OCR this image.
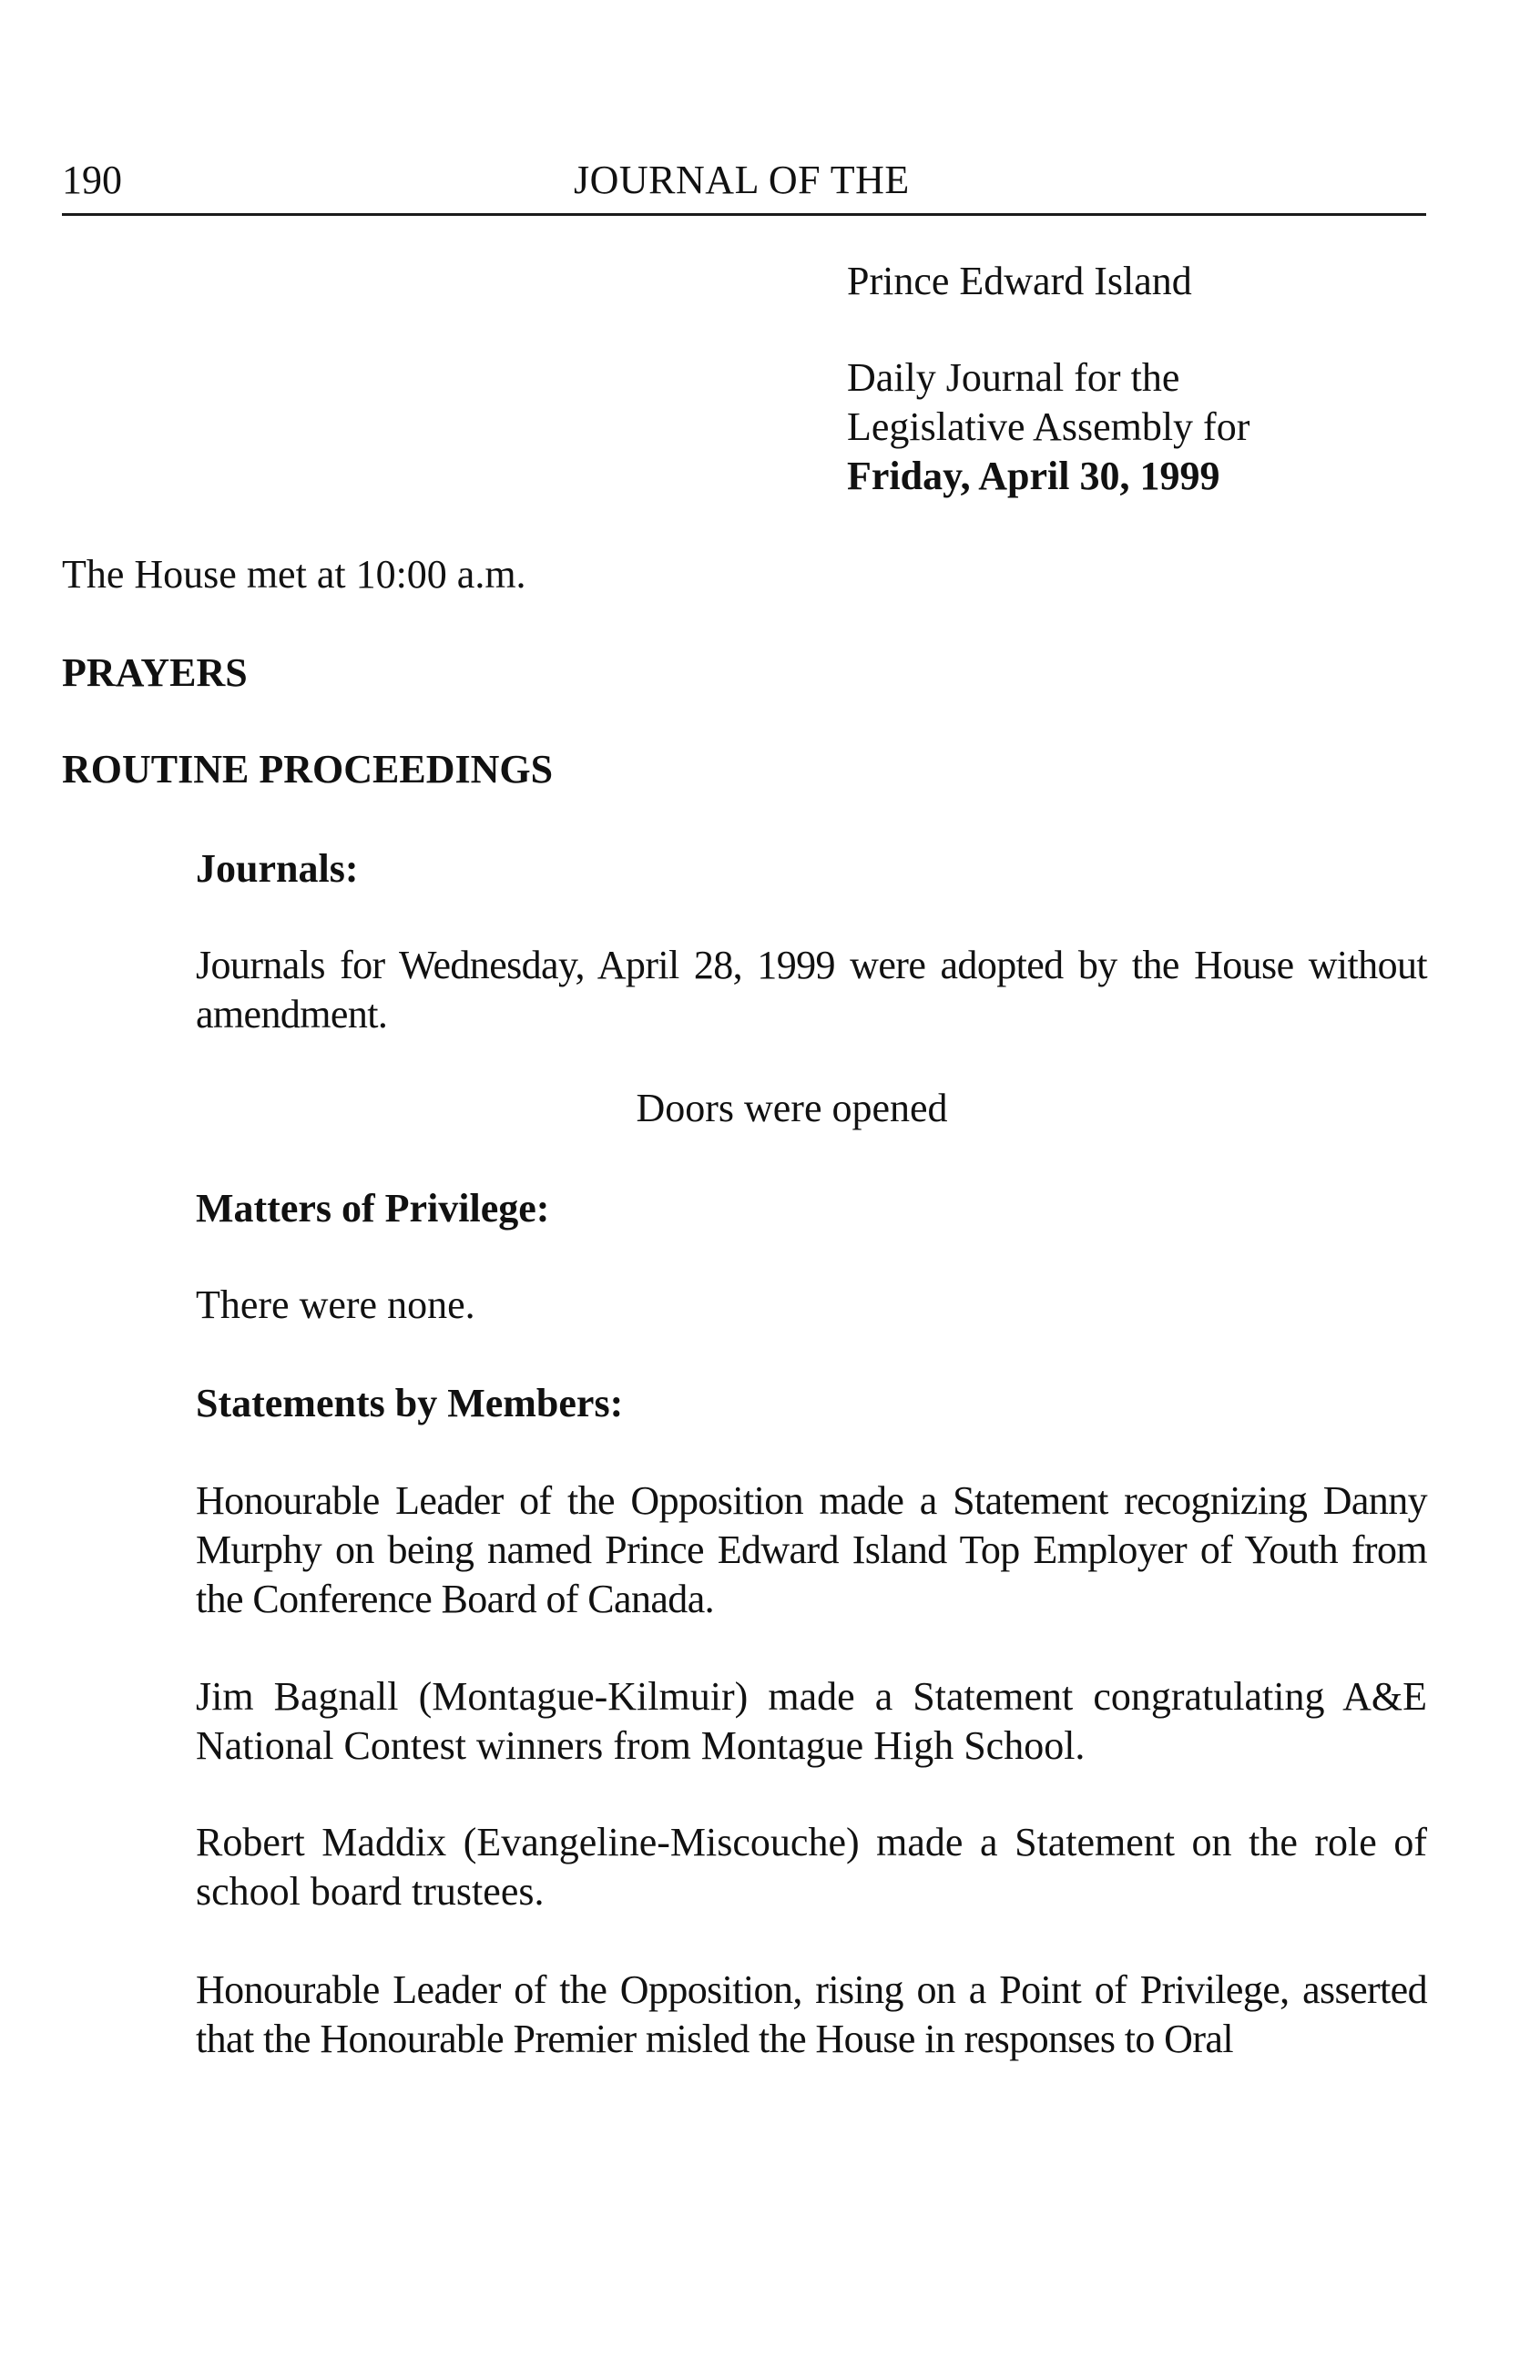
190	JOURNAL OF THE
Prince Edward Island
Daily Journal for the
Legislative Assembly for
Friday, April 30, 1999
The House met at 10:00 a.m.
PRAYERS
ROUTINE PROCEEDINGS
Journals:
Journals for Wednesday, April 28, 1999 were adopted by the House without amendment.
Doors were opened
Matters of Privilege:
There were none.
Statements by Members:
Honourable Leader of the Opposition made a Statement recognizing Danny Murphy on being named Prince Edward Island Top Employer of Youth from the Conference Board of Canada.
Jim Bagnall (Montague-Kilmuir) made a Statement congratulating A&E National Contest winners from Montague High School.
Robert Maddix (Evangeline-Miscouche) made a Statement on the role of school board trustees.
Honourable Leader of the Opposition, rising on a Point of Privilege, asserted that the Honourable Premier misled the House in responses to Oral
